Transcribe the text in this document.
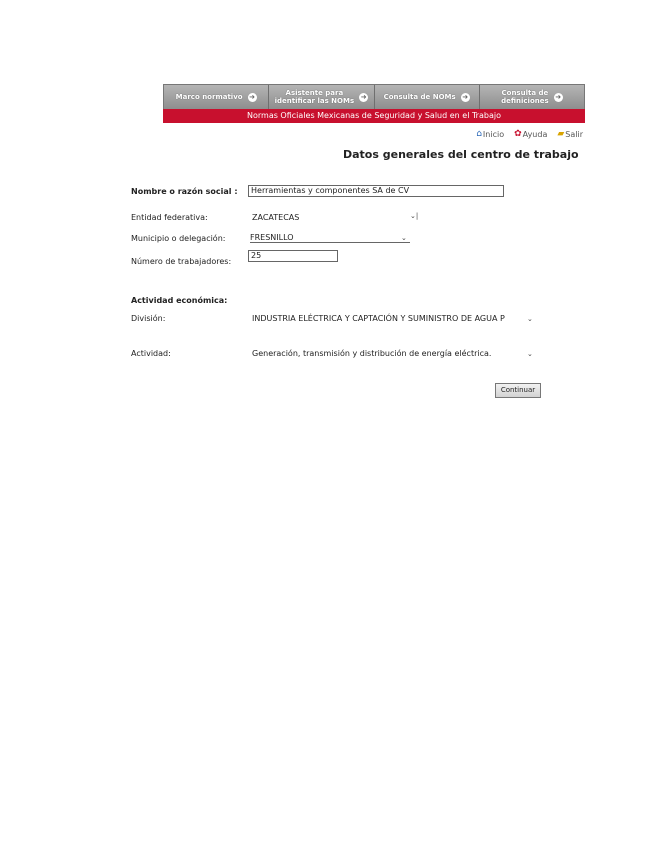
Marco normativo ➜	Asistente para
identificar las NOMs
➜ Consulta de NOMs ➜	Consulta de
definiciones
➜
Normas Oficiales Mexicanas de Seguridad y Salud en el Trabajo
⌂ Inicio ✿ Ayuda ▰ Salir
Datos generales del centro de trabajo
Nombre o razón social :	Herramientas y componentes SA de CV
Entidad federativa:	ZACATECAS	⌄|
Municipio o delegación:	FRESNILLO	⌄
Número de trabajadores:
25
Actividad económica:
División:	INDUSTRIA ELÉCTRICA Y CAPTACIÓN Y SUMINISTRO DE AGUA P	⌄
Actividad:	Generación, transmisión y distribución de energía eléctrica.	⌄
Continuar
